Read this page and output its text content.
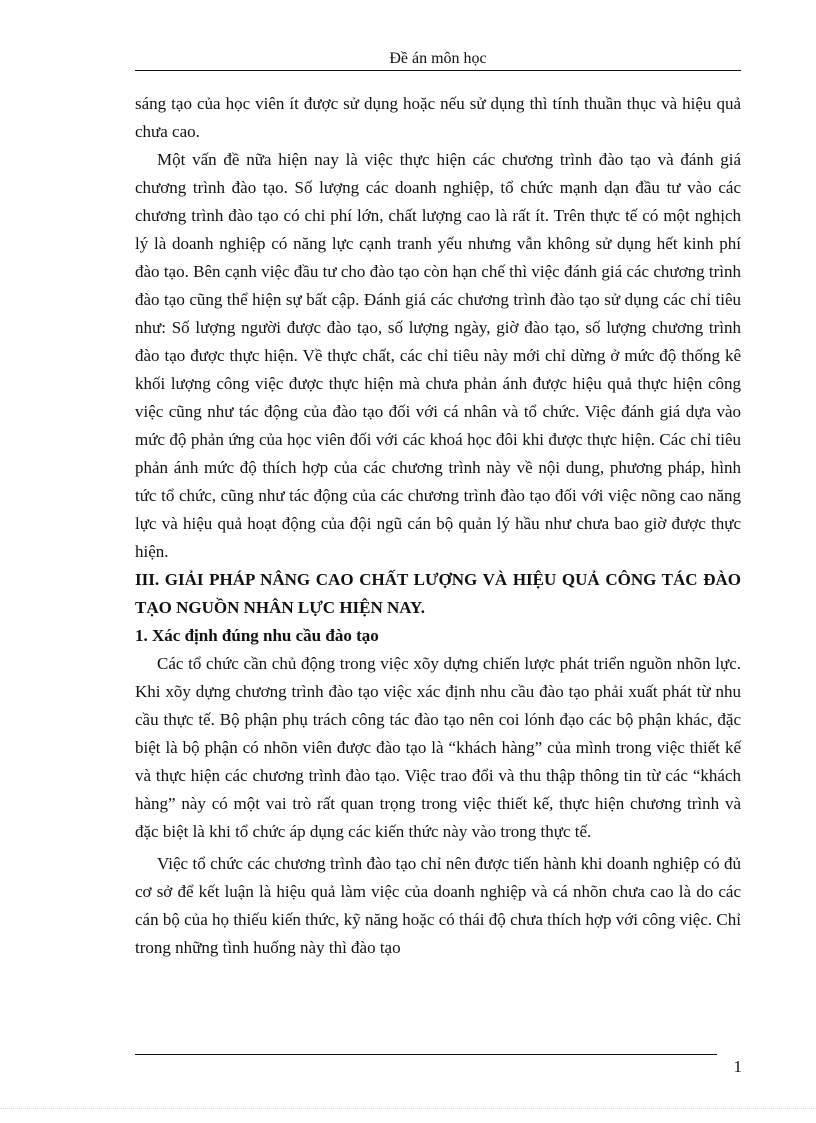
Đề án môn học

sáng tạo của học viên ít được sử dụng hoặc nếu sử dụng thì tính thuần thục và hiệu quả chưa cao.

Một vấn đề nữa hiện nay là việc thực hiện các chương trình đào tạo và đánh giá chương trình đào tạo. Số lượng các doanh nghiệp, tổ chức mạnh dạn đầu tư vào các chương trình đào tạo có chi phí lớn, chất lượng cao là rất ít. Trên thực tế có một nghịch lý là doanh nghiệp có năng lực cạnh tranh yếu nhưng vẫn không sử dụng hết kinh phí đào tạo. Bên cạnh việc đầu tư cho đào tạo còn hạn chế thì việc đánh giá các chương trình đào tạo cũng thể hiện sự bất cập. Đánh giá các chương trình đào tạo sử dụng các chỉ tiêu như: Số lượng người được đào tạo, số lượng ngày, giờ đào tạo, số lượng chương trình đào tạo được thực hiện. Về thực chất, các chỉ tiêu này mới chỉ dừng ở mức độ thống kê khối lượng công việc được thực hiện mà chưa phản ánh được hiệu quả thực hiện công việc cũng như tác động của đào tạo đối với cá nhân và tổ chức. Việc đánh giá dựa vào mức độ phản ứng của học viên đối với các khoá học đôi khi được thực hiện. Các chỉ tiêu phản ánh mức độ thích hợp của các chương trình này về nội dung, phương pháp, hình tức tổ chức, cũng như tác động của các chương trình đào tạo đối với việc nõng cao năng lực và hiệu quả hoạt động của đội ngũ cán bộ quản lý hầu như chưa bao giờ được thực hiện.

III. GIẢI PHÁP NÂNG CAO CHẤT LƯỢNG VÀ HIỆU QUẢ CÔNG TÁC ĐÀO TẠO NGUỒN NHÂN LỰC HIỆN NAY.

1. Xác định đúng nhu cầu đào tạo

Các tổ chức cần chủ động trong việc xõy dựng chiến lược phát triển nguồn nhõn lực. Khi xõy dựng chương trình đào tạo việc xác định nhu cầu đào tạo phải xuất phát từ nhu cầu thực tế. Bộ phận phụ trách công tác đào tạo nên coi lónh đạo các bộ phận khác, đặc biệt là bộ phận có nhõn viên được đào tạo là “khách hàng” của mình trong việc thiết kế và thực hiện các chương trình đào tạo. Việc trao đổi và thu thập thông tin từ các “khách hàng” này có một vai trò rất quan trọng trong việc thiết kế, thực hiện chương trình và đặc biệt là khi tổ chức áp dụng các kiến thức này vào trong thực tế.

Việc tổ chức các chương trình đào tạo chỉ nên được tiến hành khi doanh nghiệp có đủ cơ sở để kết luận là hiệu quả làm việc của doanh nghiệp và cá nhõn chưa cao là do các cán bộ của họ thiếu kiến thức, kỹ năng hoặc có thái độ chưa thích hợp với công việc. Chỉ trong những tình huống này thì đào tạo

1
